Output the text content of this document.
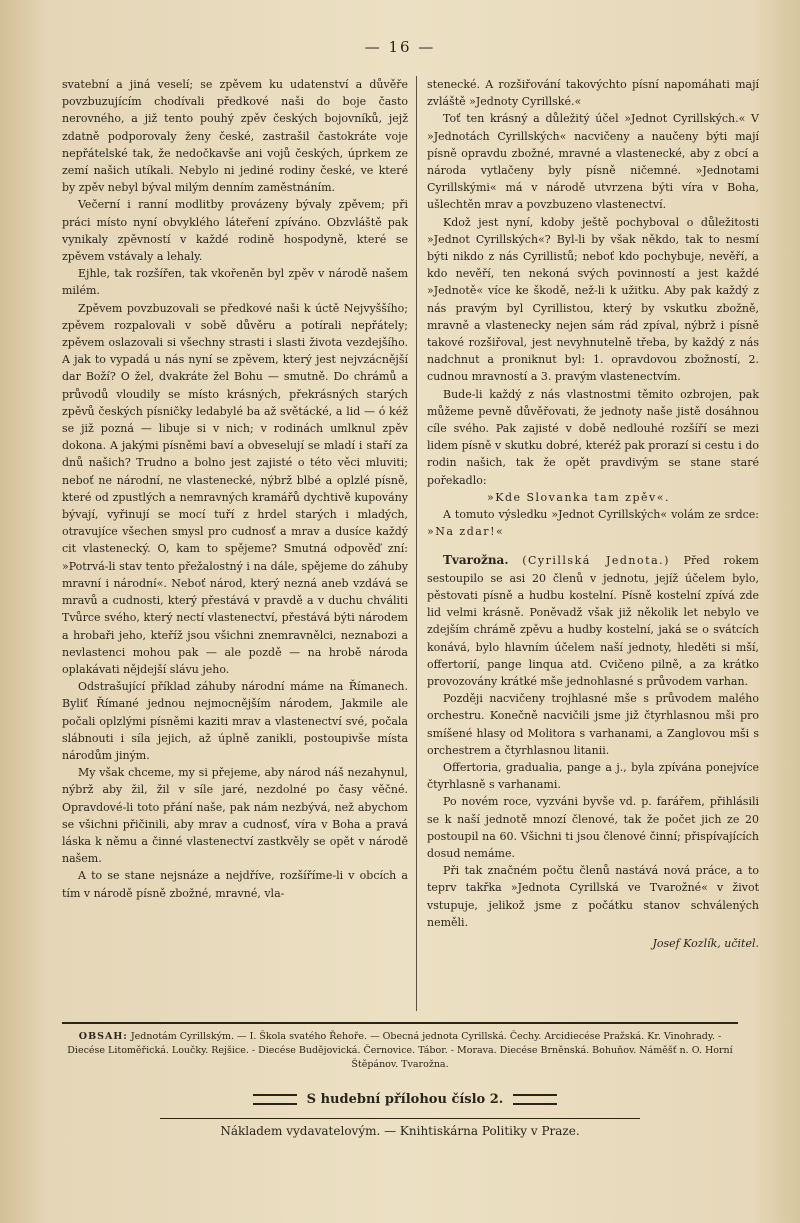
— 16 —

svatební a jiná veselí; se zpěvem ku udatenství a důvěře povzbuzujícím chodívali předkové naši do boje často nerovného, a již tento pouhý zpěv českých bojovníků, jejž zdatně podporovaly ženy české, zastrašil častokráte voje nepřátelské tak, že nedočkavše ani vojů českých, úprkem ze zemí našich utíkali. Nebylo ni jediné rodiny české, ve které by zpěv nebyl býval milým denním zaměstnáním.

Večerní i ranní modlitby provázeny bývaly zpěvem; při práci místo nyní obvyklého láteření zpíváno. Obzvláště pak vynikaly zpěvností v každé rodině hospodyně, které se zpěvem vstávaly a lehaly.

Ejhle, tak rozšířen, tak vkořeněn byl zpěv v národě našem milém.

Zpěvem povzbuzovali se předkové naši k úctě Nejvyššího; zpěvem rozpalovali v sobě důvěru a potírali nepřátely; zpěvem oslazovali si všechny strasti i slasti života vezdejšího. A jak to vypadá u nás nyní se zpěvem, který jest nejvzácnější dar Boží? O žel, dvakráte žel Bohu — smutně. Do chrámů a průvodů vloudily se místo krásných, překrásných starých zpěvů českých písničky ledabylé ba až světácké, a lid — ó kéž se již pozná — libuje si v nich; v rodinách umlknul zpěv dokona. A jakými písněmi baví a obveselují se mladí i staří za dnů našich? Trudno a bolno jest zajisté o této věci mluviti; neboť ne národní, ne vlastenecké, nýbrž blbé a oplzlé písně, které od zpustlých a nemravných kramářů dychtivě kupovány bývají, vyřinují se mocí tuří z hrdel starých i mladých, otravujíce všechen smysl pro cudnosť a mrav a dusíce každý cit vlastenecký. O, kam to spějeme? Smutná odpověď zní: »Potrvá-li stav tento přežalostný i na dále, spějeme do záhuby mravní i národní«. Neboť národ, který nezná aneb vzdává se mravů a cudnosti, který přestává v pravdě a v duchu chváliti Tvůrce svého, který nectí vlastenectví, přestává býti národem a hrobaři jeho, kteříž jsou všichni znemravnělci, neznabozi a nevlastenci mohou pak — ale pozdě — na hrobě národa oplakávati nějdejší slávu jeho.

Odstrašující příklad záhuby národní máme na Římanech. Byliť Římané jednou nejmocnějším národem, Jakmile ale počali oplzlými písněmi kaziti mrav a vlastenectví své, počala slábnouti i síla jejich, až úplně zanikli, postoupivše místa národům jiným.

My však chceme, my si přejeme, aby národ náš nezahynul, nýbrž aby žil, žil v síle jaré, nezdolné po časy věčné. Opravdové-li toto přání naše, pak nám nezbývá, než abychom se všichni přičinili, aby mrav a cudnosť, víra v Boha a pravá láska k němu a činné vlastenectví zastkvěly se opět v národě našem.

A to se stane nejsnáze a nejdříve, rozšíříme-li v obcích a tím v národě písně zbožné, mravné, vla-

stenecké. A rozšiřování takovýchto písní napomáhati mají zvláště »Jednoty Cyrillské.«

Toť ten krásný a důležitý účel »Jednot Cyrillských.« V »Jednotách Cyrillských« nacvičeny a naučeny býti mají písně opravdu zbožné, mravné a vlastenecké, aby z obcí a národa vytlačeny byly písně ničemné. »Jednotami Cyrillskými« má v národě utvrzena býti víra v Boha, ušlechtěn mrav a povzbuzeno vlastenectví.

Kdož jest nyní, kdoby ještě pochyboval o důležitosti »Jednot Cyrillských«? Byl-li by však někdo, tak to nesmí býti nikdo z nás Cyrillistů; neboť kdo pochybuje, nevěří, a kdo nevěří, ten nekoná svých povinností a jest každé »Jednotě« více ke škodě, než-li k užitku. Aby pak každý z nás pravým byl Cyrillistou, který by vskutku zbožně, mravně a vlastenecky nejen sám rád zpíval, nýbrž i písně takové rozšiřoval, jest nevyhnutelně třeba, by každý z nás nadchnut a proniknut byl: 1. opravdovou zbožností, 2. cudnou mravností a 3. pravým vlastenectvím.

Bude-li každý z nás vlastnostmi těmito ozbrojen, pak můžeme pevně důvěřovati, že jednoty naše jistě dosáhnou cíle svého. Pak zajisté v době nedlouhé rozšíří se mezi lidem písně v skutku dobré, kteréž pak prorazí si cestu i do rodin našich, tak že opět pravdivým se stane staré pořekadlo:

»Kde Slovanka tam zpěv«.

A tomuto výsledku »Jednot Cyrillských« volám ze srdce: »Na zdar!«

Tvarožna. (Cyrillská Jednota.) Před rokem sestoupilo se asi 20 členů v jednotu, jejíž účelem bylo, pěstovati písně a hudbu kostelní. Písně kostelní zpívá zde lid velmi krásně. Poněvadž však již několik let nebylo ve zdejším chrámě zpěvu a hudby kostelní, jaká se o svátcích konává, bylo hlavním účelem naší jednoty, hleděti si mší, offertorií, pange linqua atd. Cvičeno pilně, a za krátko provozovány krátké mše jednohlasné s průvodem varhan.

Později nacvičeny trojhlasné mše s průvodem malého orchestru. Konečně nacvičili jsme již čtyrhlasnou mši pro smíšené hlasy od Molitora s varhanami, a Zanglovou mši s orchestrem a čtyrhlasnou litanii.

Offertoria, gradualia, pange a j., byla zpívána ponejvíce čtyrhlasně s varhanami.

Po novém roce, vyzváni byvše vd. p. farářem, přihlásili se k naší jednotě mnozí členové, tak že počet jich ze 20 postoupil na 60. Všichni ti jsou členové činní; přispívajících dosud nemáme.

Při tak značném počtu členů nastává nová práce, a to teprv takřka »Jednota Cyrillská ve Tvarožné« v život vstupuje, jelikož jsme z počátku stanov schválených neměli.

Josef Kozlík, učitel.

OBSAH: Jednotám Cyrillským. — I. Škola svatého Řehoře. — Obecná jednota Cyrillská. Čechy. Arcidiecése Pražská. Kr. Vinohrady. - Diecése Litoměřická. Loučky. Rejšice. - Diecése Budějovická. Černovice. Tábor. - Morava. Diecése Brněnská. Bohuňov. Náměšť n. O. Horní Štěpánov. Tvarožna.
S hudební přílohou číslo 2.
Nákladem vydavatelovým. — Knihtiskárna Politiky v Praze.
